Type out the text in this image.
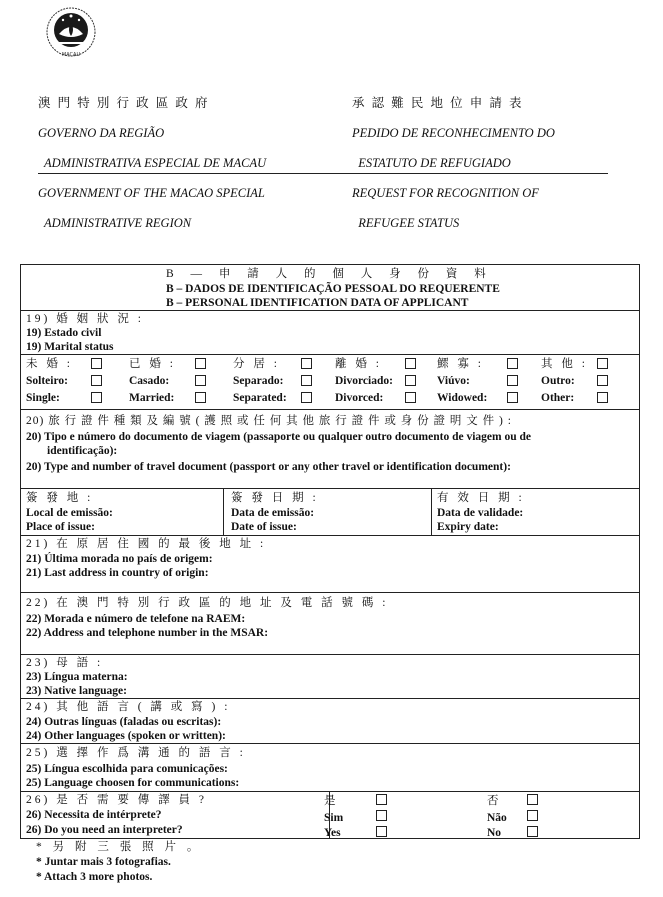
MACAU

澳 門 特 別 行 政 區 政 府

GOVERNO DA REGIÃO

ADMINISTRATIVA ESPECIAL DE MACAU

GOVERNMENT OF THE MACAO SPECIAL

ADMINISTRATIVE REGION

承 認 難 民 地 位 申 請 表

PEDIDO DE RECONHECIMENTO DO

ESTATUTO DE REFUGIADO

REQUEST FOR RECOGNITION OF

REFUGEE STATUS

B — 申 請 人 的 個 人 身 份 資 料
B – DADOS DE IDENTIFICAÇÃO PESSOAL DO REQUERENTE
B – PERSONAL IDENTIFICATION DATA OF APPLICANT
19) 婚 姻 狀 況 :
19) Estado civil
19) Marital status
未 婚 :
Solteiro:
Single:
已 婚 :
Casado:
Married:
分 居 :
Separado:
Separated:
離 婚 :
Divorciado:
Divorced:
鰥 寡 :
Viúvo:
Widowed:
其 他 :
Outro:
Other:
20) 旅 行 證 件 種 類 及 編 號 ( 護 照 或 任 何 其 他 旅 行 證 件 或 身 份 證 明 文 件 ) :
20) Tipo e número do documento de viagem (passaporte ou qualquer outro documento de viagem ou de
identificação):
20) Type and number of travel document (passport or any other travel or identification document):
簽 發 地 :
Local de emissão:
Place of issue:
簽 發 日 期 :
Data de emissão:
Date of issue:
有 效 日 期 :
Data de validade:
Expiry date:
21) 在 原 居 住 國 的 最 後 地 址 :
21) Última morada no país de origem:
21) Last address in country of origin:
22) 在 澳 門 特 別 行 政 區 的 地 址 及 電 話 號 碼 :
22) Morada e número de telefone na RAEM:
22) Address and telephone number in the MSAR:
23) 母 語 :
23) Língua materna:
23) Native language:
24) 其 他 語 言 ( 講 或 寫 ) :
24) Outras línguas (faladas ou escritas):
24) Other languages (spoken or written):
25) 選 擇 作 爲 溝 通 的 語 言 :
25) Língua escolhida para comunicações:
25) Language choosen for communications:
26) 是 否 需 要 傳 譯 員 ?
26) Necessita de intérprete?
26) Do you need an interpreter?
是
Sim
Yes
否
Não
No
* 另 附 三 張 照 片 。
* Juntar mais 3 fotografias.
* Attach 3 more photos.
